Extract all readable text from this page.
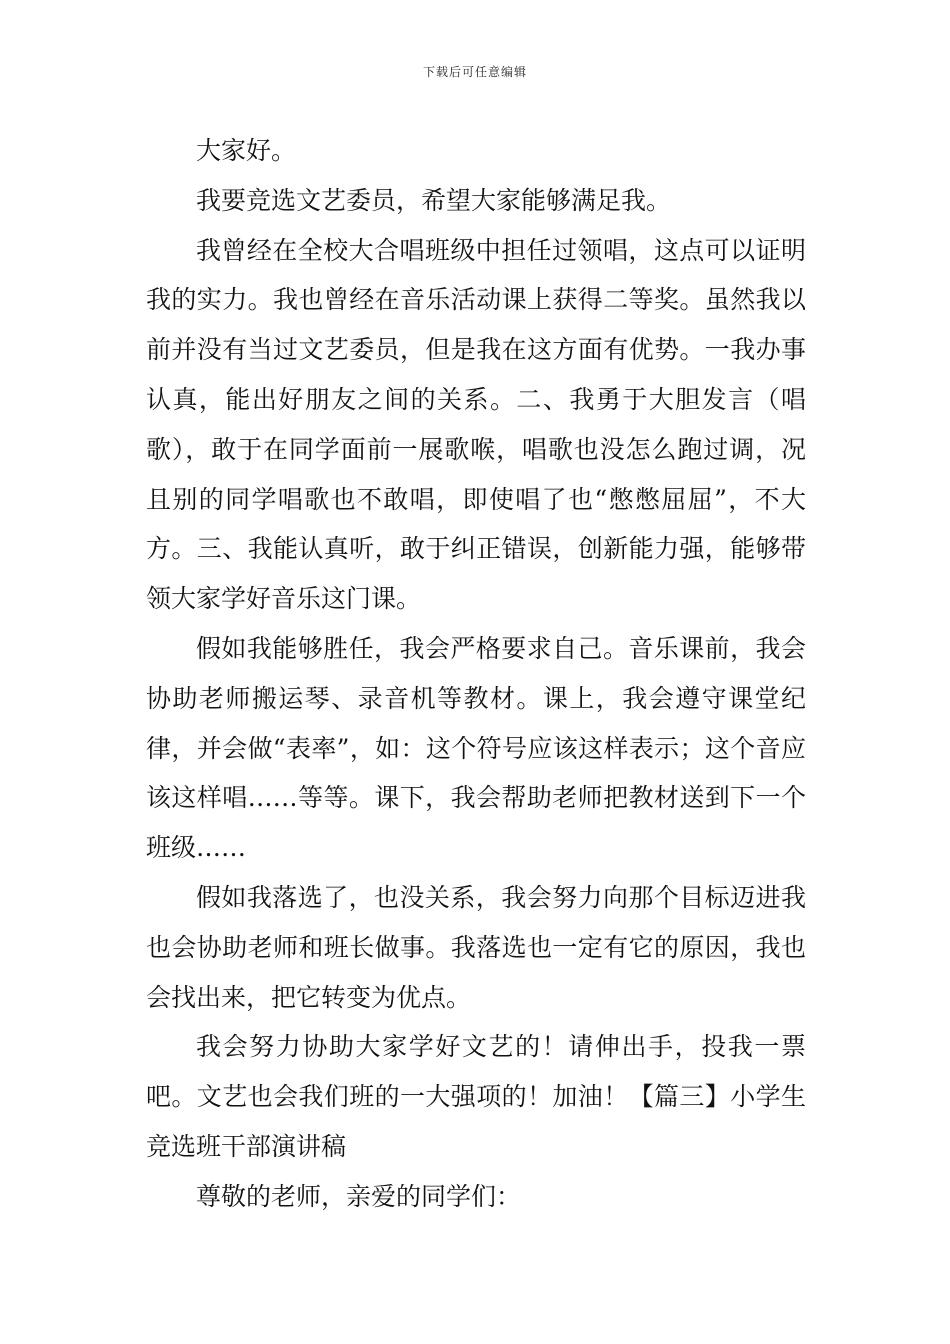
下载后可任意编辑

大家好。

我要竞选文艺委员，希望大家能够满足我。

我曾经在全校大合唱班级中担任过领唱，这点可以证明我的实力。我也曾经在音乐活动课上获得二等奖。虽然我以前并没有当过文艺委员，但是我在这方面有优势。一我办事认真，能出好朋友之间的关系。二、我勇于大胆发言（唱歌），敢于在同学面前一展歌喉，唱歌也没怎么跑过调，况且别的同学唱歌也不敢唱，即使唱了也“憋憋屈屈”，不大方。三、我能认真听，敢于纠正错误，创新能力强，能够带领大家学好音乐这门课。

假如我能够胜任，我会严格要求自己。音乐课前，我会协助老师搬运琴、录音机等教材。课上，我会遵守课堂纪律，并会做“表率”，如：这个符号应该这样表示；这个音应该这样唱……等等。课下，我会帮助老师把教材送到下一个班级……

假如我落选了，也没关系，我会努力向那个目标迈进我也会协助老师和班长做事。我落选也一定有它的原因，我也会找出来，把它转变为优点。

我会努力协助大家学好文艺的！请伸出手，投我一票吧。文艺也会我们班的一大强项的！加油！【篇三】小学生竞选班干部演讲稿

尊敬的老师，亲爱的同学们：
